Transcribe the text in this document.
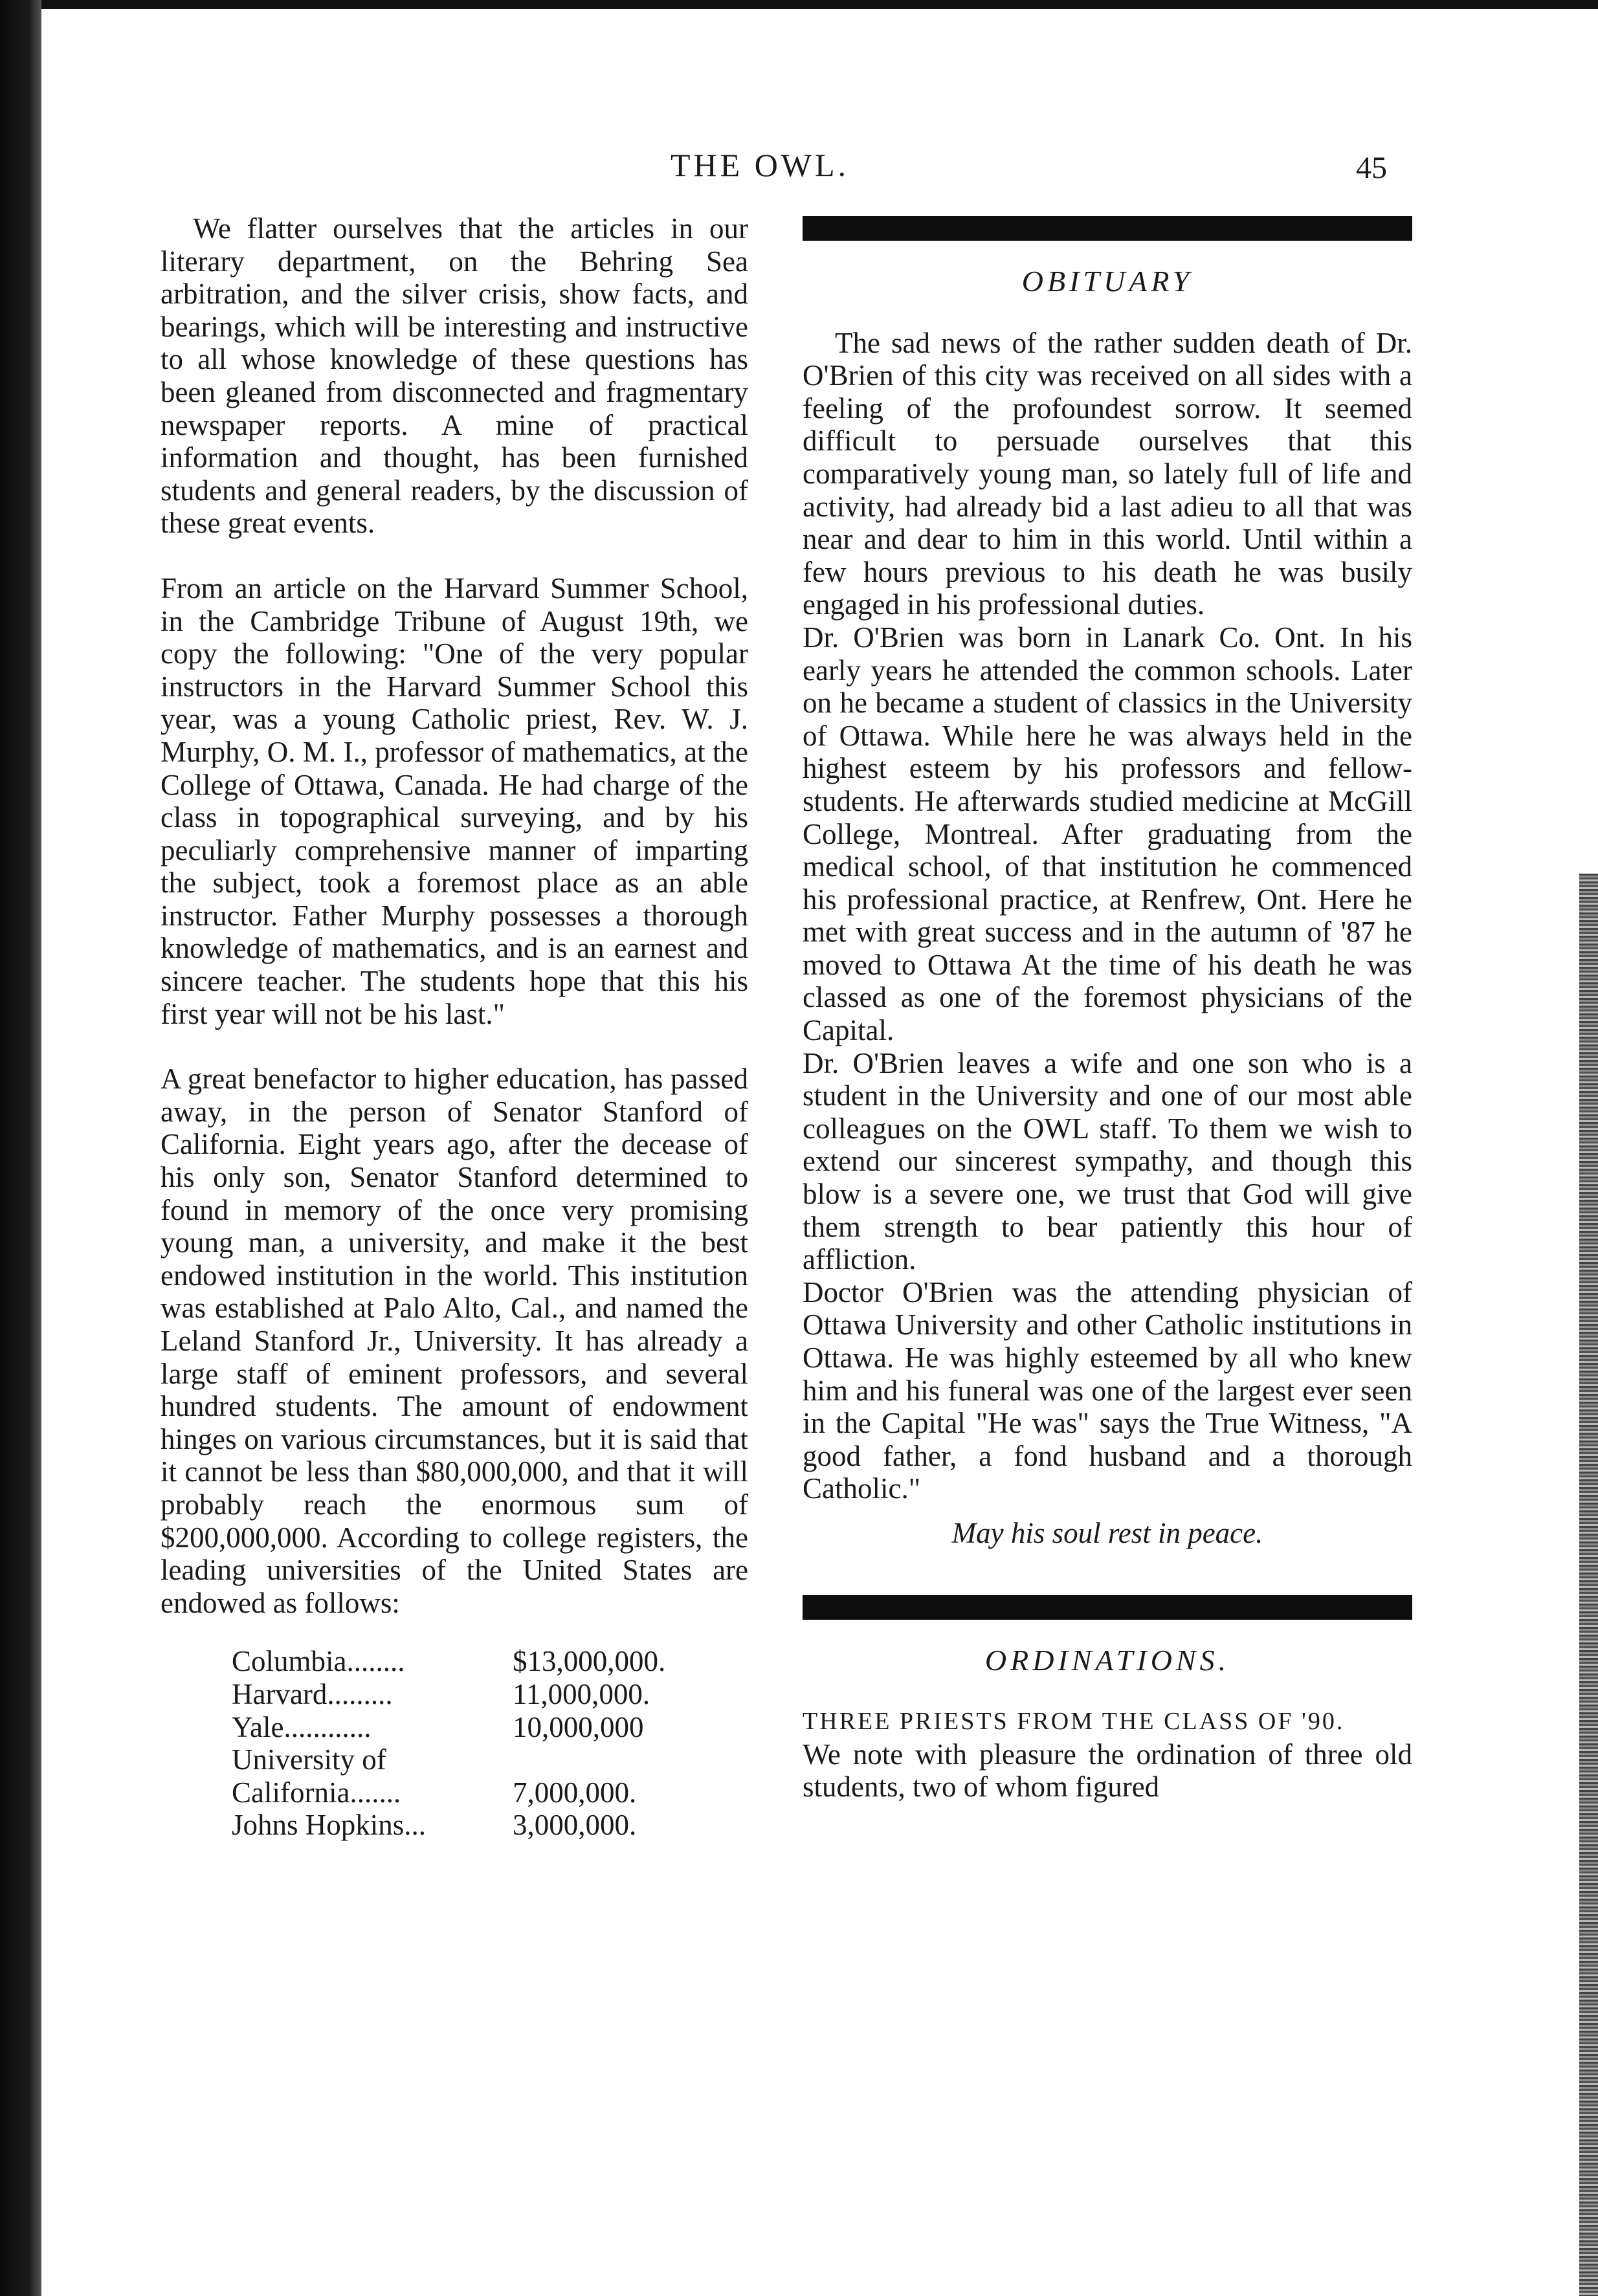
THE OWL.	45

We flatter ourselves that the articles in our literary department, on the Behring Sea arbitration, and the silver crisis, show facts, and bearings, which will be interesting and instructive to all whose knowledge of these questions has been gleaned from disconnected and fragmentary newspaper reports. A mine of practical information and thought, has been furnished students and general readers, by the discussion of these great events.

From an article on the Harvard Summer School, in the Cambridge Tribune of August 19th, we copy the following: "One of the very popular instructors in the Harvard Summer School this year, was a young Catholic priest, Rev. W. J. Murphy, O. M. I., professor of mathematics, at the College of Ottawa, Canada. He had charge of the class in topographical surveying, and by his peculiarly comprehensive manner of imparting the subject, took a foremost place as an able instructor. Father Murphy possesses a thorough knowledge of mathematics, and is an earnest and sincere teacher. The students hope that this his first year will not be his last."

A great benefactor to higher education, has passed away, in the person of Senator Stanford of California. Eight years ago, after the decease of his only son, Senator Stanford determined to found in memory of the once very promising young man, a university, and make it the best endowed institution in the world. This institution was established at Palo Alto, Cal., and named the Leland Stanford Jr., University. It has already a large staff of eminent professors, and several hundred students. The amount of endowment hinges on various circumstances, but it is said that it cannot be less than $80,000,000, and that it will probably reach the enormous sum of $200,000,000. According to college registers, the leading universities of the United States are endowed as follows:

Columbia........	$13,000,000.
Harvard.........	11,000,000.
Yale............	10,000,000
University of California.......	7,000,000.
Johns Hopkins...	3,000,000.
OBITUARY

The sad news of the rather sudden death of Dr. O'Brien of this city was received on all sides with a feeling of the profoundest sorrow. It seemed difficult to persuade ourselves that this comparatively young man, so lately full of life and activity, had already bid a last adieu to all that was near and dear to him in this world. Until within a few hours previous to his death he was busily engaged in his professional duties.

Dr. O'Brien was born in Lanark Co. Ont. In his early years he attended the common schools. Later on he became a student of classics in the University of Ottawa. While here he was always held in the highest esteem by his professors and fellow-students. He afterwards studied medicine at McGill College, Montreal. After graduating from the medical school, of that institution he commenced his professional practice, at Renfrew, Ont. Here he met with great success and in the autumn of '87 he moved to Ottawa At the time of his death he was classed as one of the foremost physicians of the Capital.

Dr. O'Brien leaves a wife and one son who is a student in the University and one of our most able colleagues on the OWL staff. To them we wish to extend our sincerest sympathy, and though this blow is a severe one, we trust that God will give them strength to bear patiently this hour of affliction.

Doctor O'Brien was the attending physician of Ottawa University and other Catholic institutions in Ottawa. He was highly esteemed by all who knew him and his funeral was one of the largest ever seen in the Capital "He was" says the True Witness, "A good father, a fond husband and a thorough Catholic."

May his soul rest in peace.
ORDINATIONS.

THREE PRIESTS FROM THE CLASS OF '90.

We note with pleasure the ordination of three old students, two of whom figured
